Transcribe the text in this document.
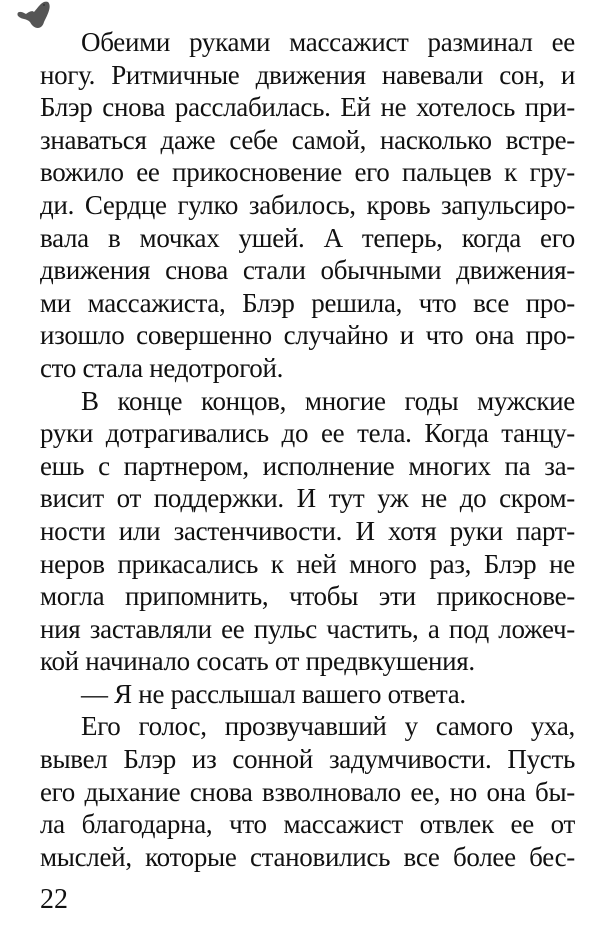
Обеими руками массажист разминал ее
ногу. Ритмичные движения навевали сон, и
Блэр снова расслабилась. Ей не хотелось при-
знаваться даже себе самой, насколько встре-
вожило ее прикосновение его пальцев к гру-
ди. Сердце гулко забилось, кровь запульсиро-
вала в мочках ушей. А теперь, когда его
движения снова стали обычными движения-
ми массажиста, Блэр решила, что все про-
изошло совершенно случайно и что она про-
сто стала недотрогой.
В конце концов, многие годы мужские
руки дотрагивались до ее тела. Когда танцу-
ешь с партнером, исполнение многих па за-
висит от поддержки. И тут уж не до скром-
ности или застенчивости. И хотя руки парт-
неров прикасались к ней много раз, Блэр не
могла припомнить, чтобы эти прикоснове-
ния заставляли ее пульс частить, а под ложеч-
кой начинало сосать от предвкушения.
— Я не расслышал вашего ответа.
Его голос, прозвучавший у самого уха,
вывел Блэр из сонной задумчивости. Пусть
его дыхание снова взволновало ее, но она бы-
ла благодарна, что массажист отвлек ее от
мыслей, которые становились все более бес-
22
